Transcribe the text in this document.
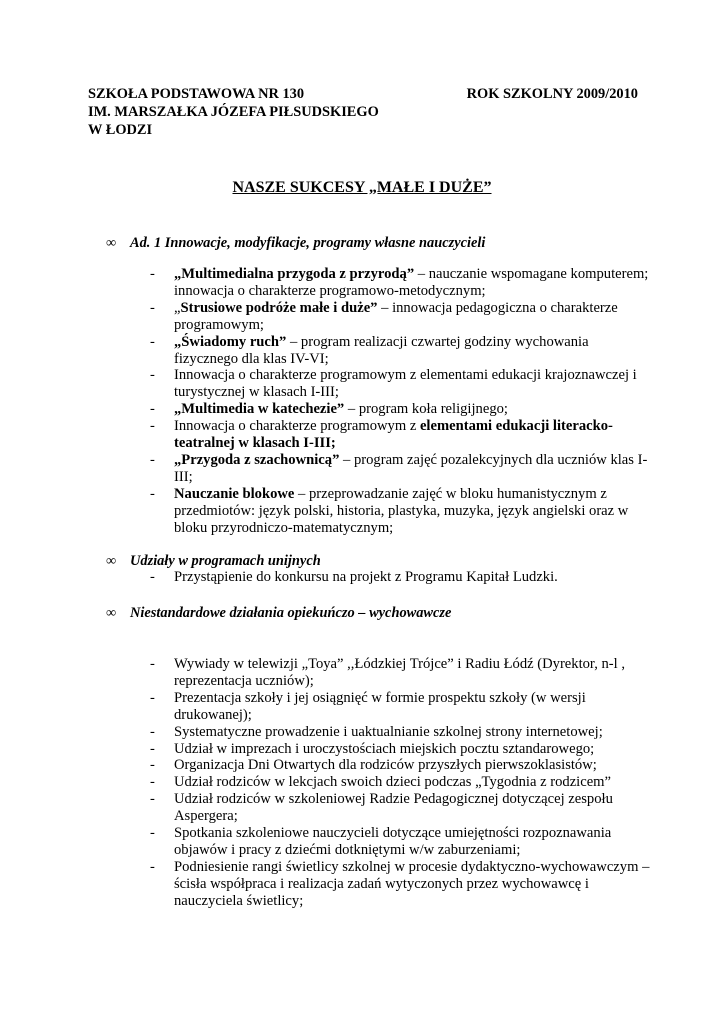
SZKOŁA PODSTAWOWA NR 130	ROK SZKOLNY 2009/2010
IM. MARSZAŁKA JÓZEFA PIŁSUDSKIEGO
W ŁODZI
NASZE SUKCESY „MAŁE I DUŻE”
∞ Ad. 1 Innowacje, modyfikacje, programy własne nauczycieli
- „Multimedialna przygoda z przyrodą” – nauczanie wspomagane komputerem; innowacja o charakterze programowo-metodycznym;
- „Strusiowe podróże małe i duże” – innowacja pedagogiczna o charakterze programowym;
- „Świadomy ruch” – program realizacji czwartej godziny wychowania fizycznego dla klas IV-VI;
- Innowacja o charakterze programowym z elementami edukacji krajoznawczej i turystycznej w klasach I-III;
- „Multimedia w katechezie” – program koła religijnego;
- Innowacja o charakterze programowym z elementami edukacji literacko-teatralnej w klasach I-III;
- „Przygoda z szachownicą” – program zajęć pozalekcyjnych dla uczniów klas I-III;
- Nauczanie blokowe – przeprowadzanie zajęć w bloku humanistycznym z przedmiotów: język polski, historia, plastyka, muzyka, język angielski oraz w bloku przyrodniczo-matematycznym;
∞ Udziały w programach unijnych
- Przystąpienie do konkursu na projekt z Programu Kapitał Ludzki.
∞ Niestandardowe działania opiekuńczo – wychowawcze
- Wywiady w telewizji „Toya” ,,Łódzkiej Trójce” i Radiu Łódź (Dyrektor, n-l , reprezentacja uczniów);
- Prezentacja szkoły i jej osiągnięć w formie prospektu szkoły (w wersji drukowanej);
- Systematyczne prowadzenie i uaktualnianie szkolnej strony internetowej;
- Udział w imprezach i uroczystościach miejskich pocztu sztandarowego;
- Organizacja Dni Otwartych dla rodziców przyszłych pierwszoklasistów;
- Udział rodziców w lekcjach swoich dzieci podczas „Tygodnia z rodzicem”
- Udział rodziców w szkoleniowej Radzie Pedagogicznej dotyczącej zespołu Aspergera;
- Spotkania szkoleniowe nauczycieli dotyczące umiejętności rozpoznawania objawów i pracy z dziećmi dotkniętymi w/w zaburzeniami;
- Podniesienie rangi świetlicy szkolnej w procesie dydaktyczno-wychowawczym – ścisła współpraca i realizacja zadań wytyczonych przez wychowawcę i nauczyciela świetlicy;
